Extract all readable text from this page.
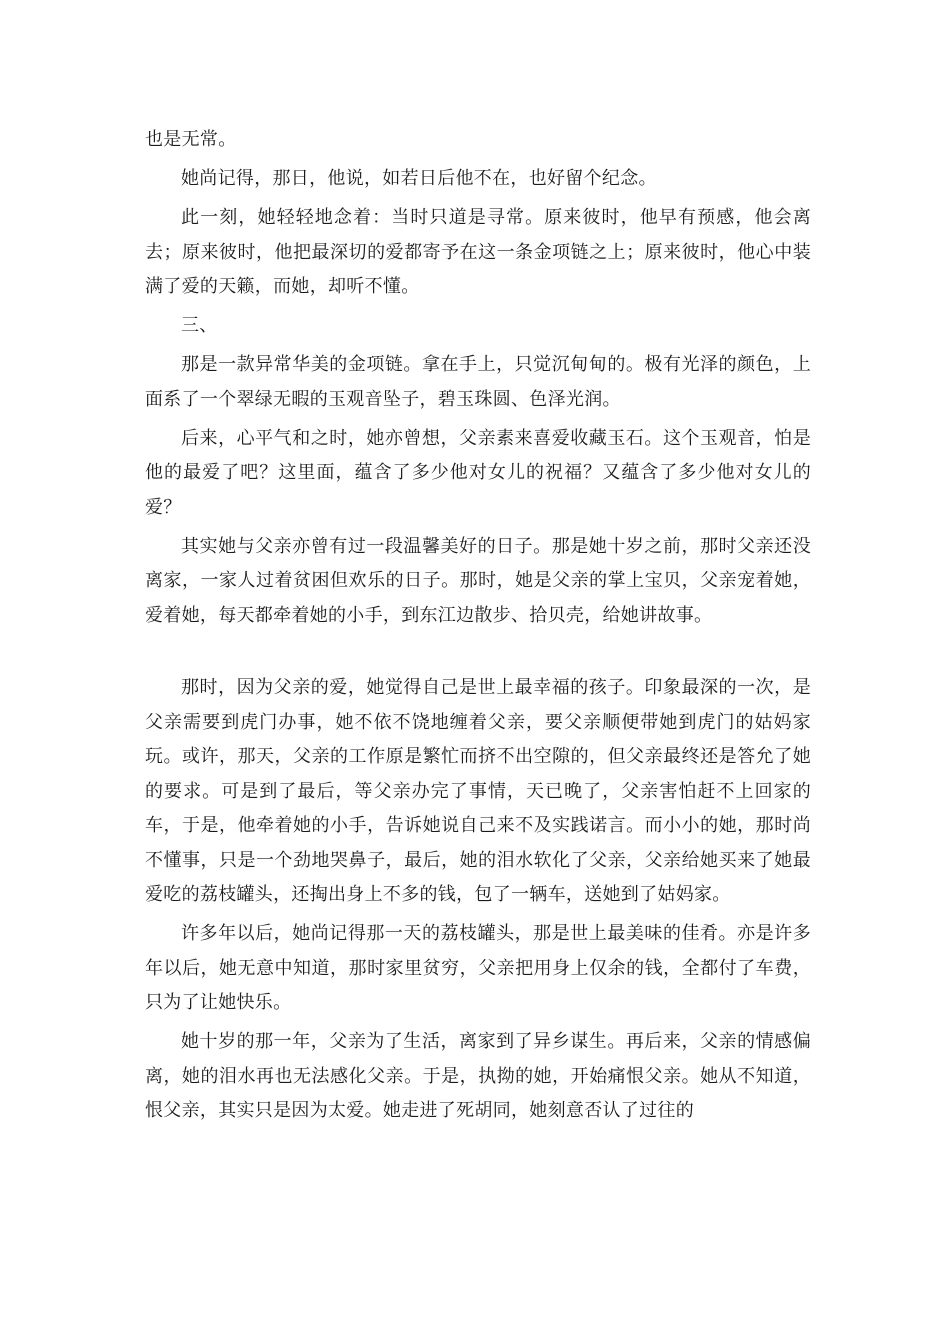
也是无常。

她尚记得，那日，他说，如若日后他不在，也好留个纪念。

此一刻，她轻轻地念着：当时只道是寻常。原来彼时，他早有预感，他会离去；原来彼时，他把最深切的爱都寄予在这一条金项链之上；原来彼时，他心中装满了爱的天籁，而她，却听不懂。

三、

那是一款异常华美的金项链。拿在手上，只觉沉甸甸的。极有光泽的颜色，上面系了一个翠绿无暇的玉观音坠子，碧玉珠圆、色泽光润。

后来，心平气和之时，她亦曾想，父亲素来喜爱收藏玉石。这个玉观音，怕是他的最爱了吧？这里面，蕴含了多少他对女儿的祝福？又蕴含了多少他对女儿的爱？

其实她与父亲亦曾有过一段温馨美好的日子。那是她十岁之前，那时父亲还没离家，一家人过着贫困但欢乐的日子。那时，她是父亲的掌上宝贝，父亲宠着她，爱着她，每天都牵着她的小手，到东江边散步、拾贝壳，给她讲故事。

那时，因为父亲的爱，她觉得自己是世上最幸福的孩子。印象最深的一次，是父亲需要到虎门办事，她不依不饶地缠着父亲，要父亲顺便带她到虎门的姑妈家玩。或许，那天，父亲的工作原是繁忙而挤不出空隙的，但父亲最终还是答允了她的要求。可是到了最后，等父亲办完了事情，天已晚了，父亲害怕赶不上回家的车，于是，他牵着她的小手，告诉她说自己来不及实践诺言。而小小的她，那时尚不懂事，只是一个劲地哭鼻子，最后，她的泪水软化了父亲，父亲给她买来了她最爱吃的荔枝罐头，还掏出身上不多的钱，包了一辆车，送她到了姑妈家。

许多年以后，她尚记得那一天的荔枝罐头，那是世上最美味的佳肴。亦是许多年以后，她无意中知道，那时家里贫穷，父亲把用身上仅余的钱，全都付了车费，只为了让她快乐。

她十岁的那一年，父亲为了生活，离家到了异乡谋生。再后来，父亲的情感偏离，她的泪水再也无法感化父亲。于是，执拗的她，开始痛恨父亲。她从不知道，恨父亲，其实只是因为太爱。她走进了死胡同，她刻意否认了过往的
